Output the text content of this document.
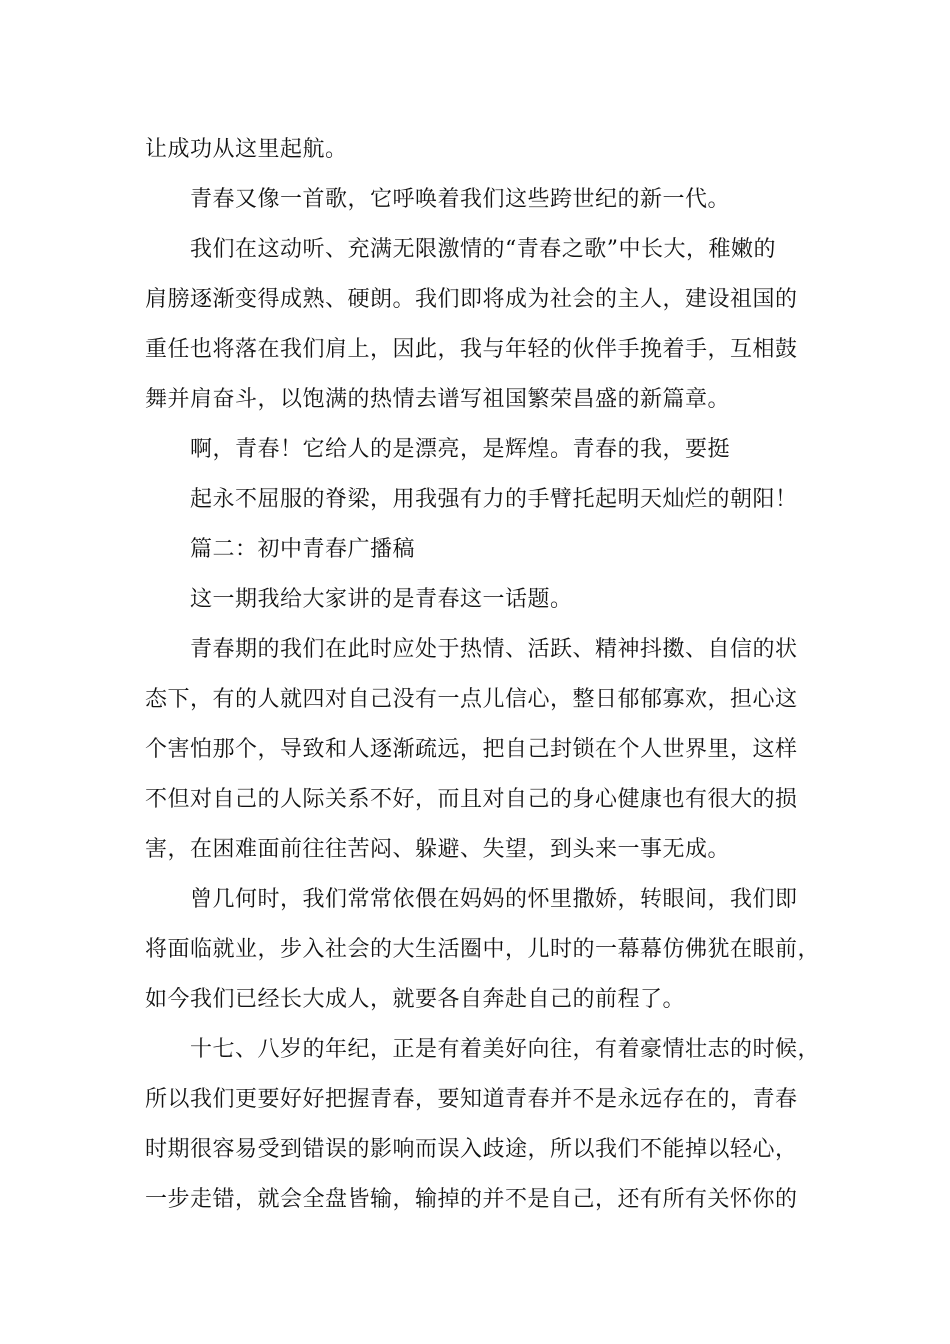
让成功从这里起航。
青春又像一首歌，它呼唤着我们这些跨世纪的新一代。
我们在这动听、充满无限激情的“青春之歌”中长大，稚嫩的
肩膀逐渐变得成熟、硬朗。我们即将成为社会的主人，建设祖国的
重任也将落在我们肩上，因此，我与年轻的伙伴手挽着手，互相鼓
舞并肩奋斗，以饱满的热情去谱写祖国繁荣昌盛的新篇章。
啊，青春！它给人的是漂亮，是辉煌。青春的我，要挺
起永不屈服的脊梁，用我强有力的手臂托起明天灿烂的朝阳！
篇二：初中青春广播稿
这一期我给大家讲的是青春这一话题。
青春期的我们在此时应处于热情、活跃、精神抖擞、自信的状
态下，有的人就四对自己没有一点儿信心，整日郁郁寡欢，担心这
个害怕那个，导致和人逐渐疏远，把自己封锁在个人世界里，这样
不但对自己的人际关系不好，而且对自己的身心健康也有很大的损
害，在困难面前往往苦闷、躲避、失望，到头来一事无成。
曾几何时，我们常常依偎在妈妈的怀里撒娇，转眼间，我们即
将面临就业，步入社会的大生活圈中，儿时的一幕幕仿佛犹在眼前，
如今我们已经长大成人，就要各自奔赴自己的前程了。
十七、八岁的年纪，正是有着美好向往，有着豪情壮志的时候，
所以我们更要好好把握青春，要知道青春并不是永远存在的，青春
时期很容易受到错误的影响而误入歧途，所以我们不能掉以轻心，
一步走错，就会全盘皆输，输掉的并不是自己，还有所有关怀你的
